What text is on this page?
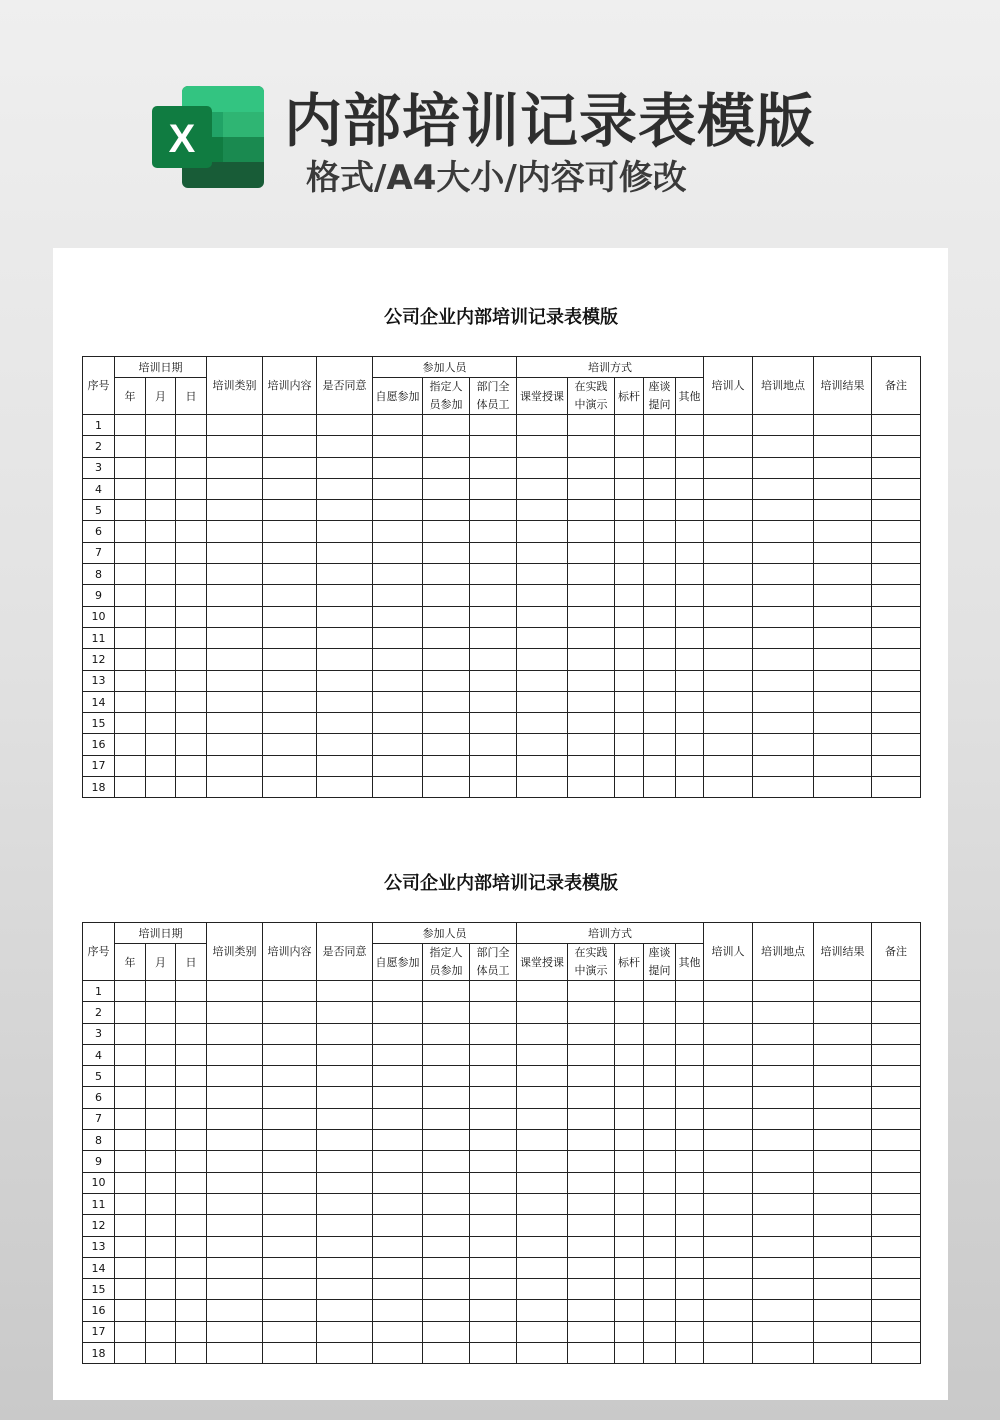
X 内部培训记录表模版
格式/A4大小/内容可修改
公司企业内部培训记录表模版
序号	培训日期			培训类别	培训内容	是否同意	参加人员			培训方式					培训人	培训地点	培训结果	备注
	年	月	日				自愿参加	指定人员参加	部门全体员工	课堂授课	在实践中演示	标杆	座谈提问	其他				
1																		
2																		
3																		
4																		
5																		
6																		
7																		
8																		
9																		
10																		
11																		
12																		
13																		
14																		
15																		
16																		
17																		
18																		
公司企业内部培训记录表模版
序号	培训日期			培训类别	培训内容	是否同意	参加人员			培训方式					培训人	培训地点	培训结果	备注
	年	月	日				自愿参加	指定人员参加	部门全体员工	课堂授课	在实践中演示	标杆	座谈提问	其他				
1																		
2																		
3																		
4																		
5																		
6																		
7																		
8																		
9																		
10																		
11																		
12																		
13																		
14																		
15																		
16																		
17																		
18																		
